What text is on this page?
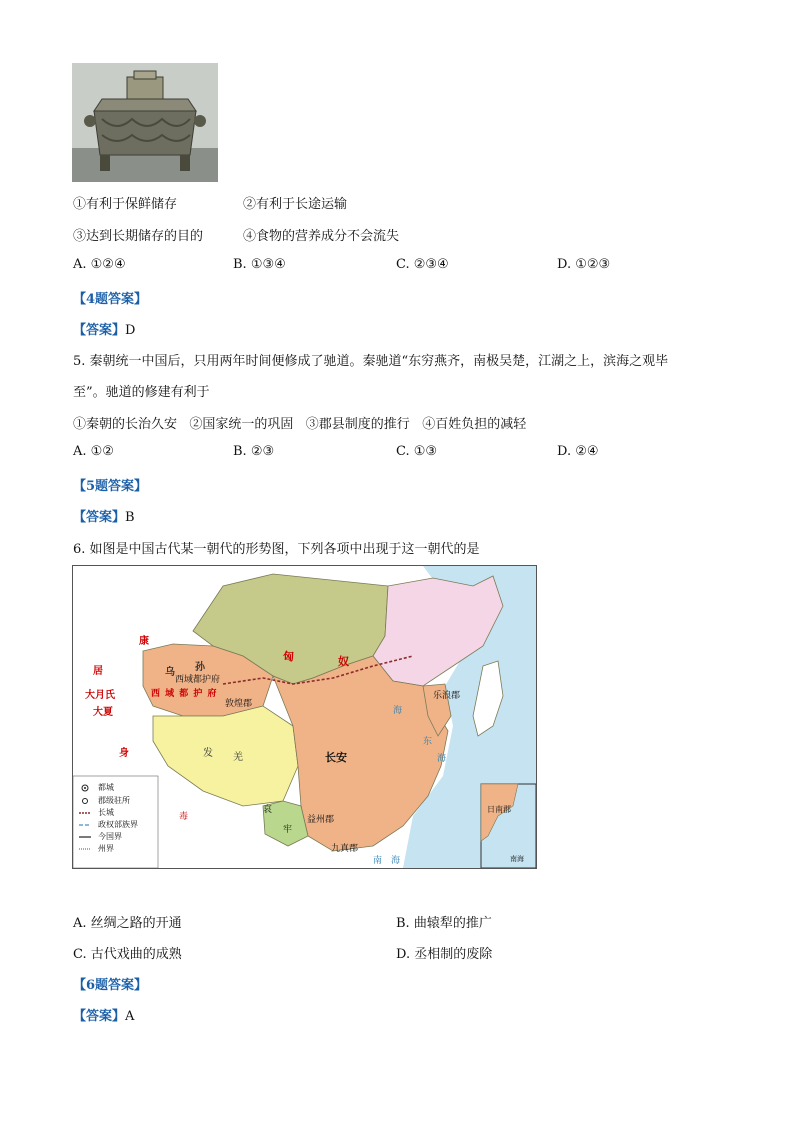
①有利于保鲜储存	②有利于长途运输
③达到长期储存的目的	④食物的营养成分不会流失
A. ①②④	B. ①③④	C. ②③④	D. ①②③
【4题答案】
【答案】D
5. 秦朝统一中国后，只用两年时间便修成了驰道。秦驰道“东穷燕齐，南极吴楚，江湖之上，滨海之观毕
至”。驰道的修建有利于
①秦朝的长治久安   ②国家统一的巩固   ③郡县制度的推行   ④百姓负担的减轻
A. ①②	B. ②③	C. ①③	D. ②④
【5题答案】
【答案】B
6. 如图是中国古代某一朝代的形势图，下列各项中出现于这一朝代的是
都城
郡级驻所
长城
政权部族界
今国界
州界
康
居
大月氏
大夏
身
乌 孙
匈	奴
西域都护府
西 域 都 护 府
敦煌郡
乐浪郡
长安
发 羌
毒
哀
牢
益州郡
九真郡
日南郡
南海
南 海
东
海
海
A. 丝绸之路的开通	B. 曲辕犁的推广
C. 古代戏曲的成熟	D. 丞相制的废除
【6题答案】
【答案】A
